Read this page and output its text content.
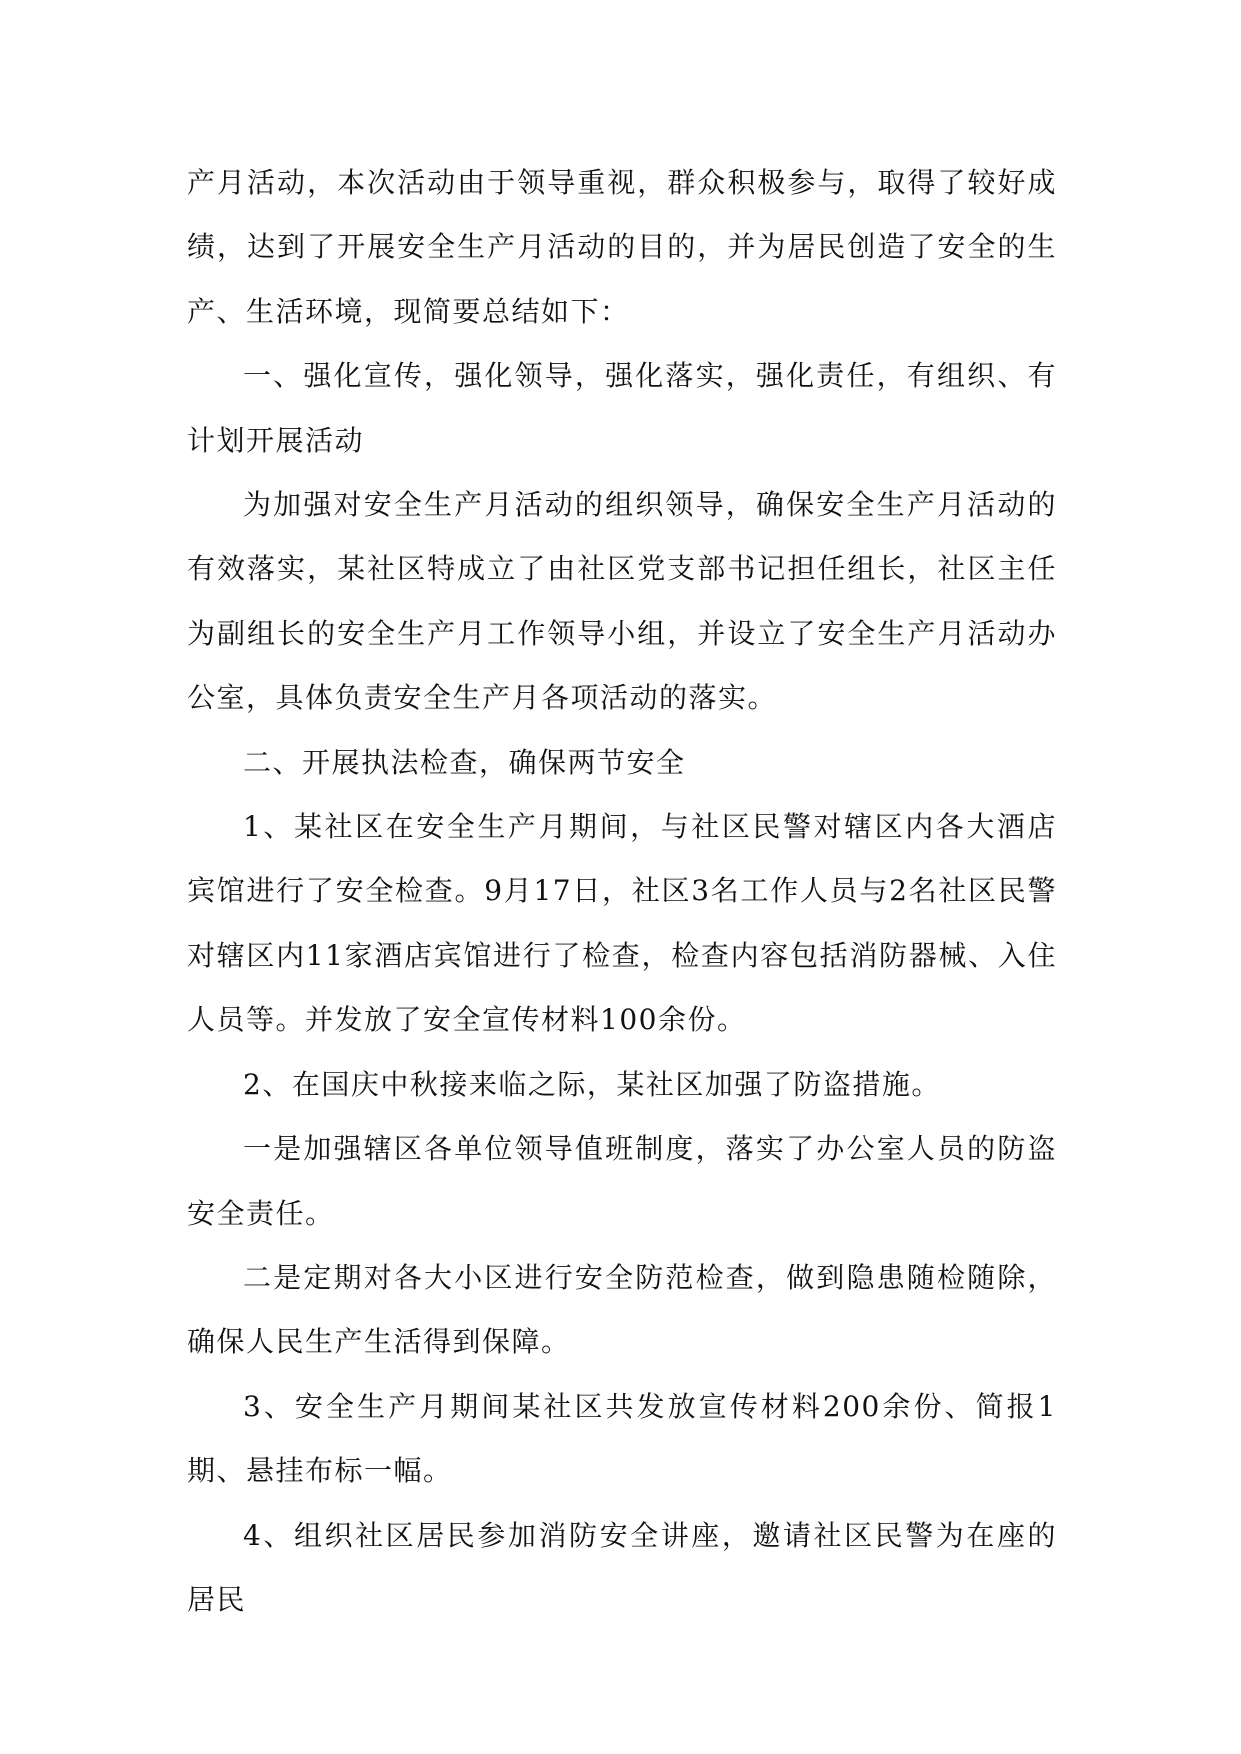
产月活动，本次活动由于领导重视，群众积极参与，取得了较好成绩，达到了开展安全生产月活动的目的，并为居民创造了安全的生产、生活环境，现简要总结如下：

一、强化宣传，强化领导，强化落实，强化责任，有组织、有计划开展活动

为加强对安全生产月活动的组织领导，确保安全生产月活动的有效落实，某社区特成立了由社区党支部书记担任组长，社区主任为副组长的安全生产月工作领导小组，并设立了安全生产月活动办公室，具体负责安全生产月各项活动的落实。

二、开展执法检查，确保两节安全

1、某社区在安全生产月期间，与社区民警对辖区内各大酒店宾馆进行了安全检查。9月17日，社区3名工作人员与2名社区民警对辖区内11家酒店宾馆进行了检查，检查内容包括消防器械、入住人员等。并发放了安全宣传材料100余份。

2、在国庆中秋接来临之际，某社区加强了防盗措施。

一是加强辖区各单位领导值班制度，落实了办公室人员的防盗安全责任。

二是定期对各大小区进行安全防范检查，做到隐患随检随除，确保人民生产生活得到保障。

3、安全生产月期间某社区共发放宣传材料200余份、简报1期、悬挂布标一幅。

4、组织社区居民参加消防安全讲座，邀请社区民警为在座的居民
